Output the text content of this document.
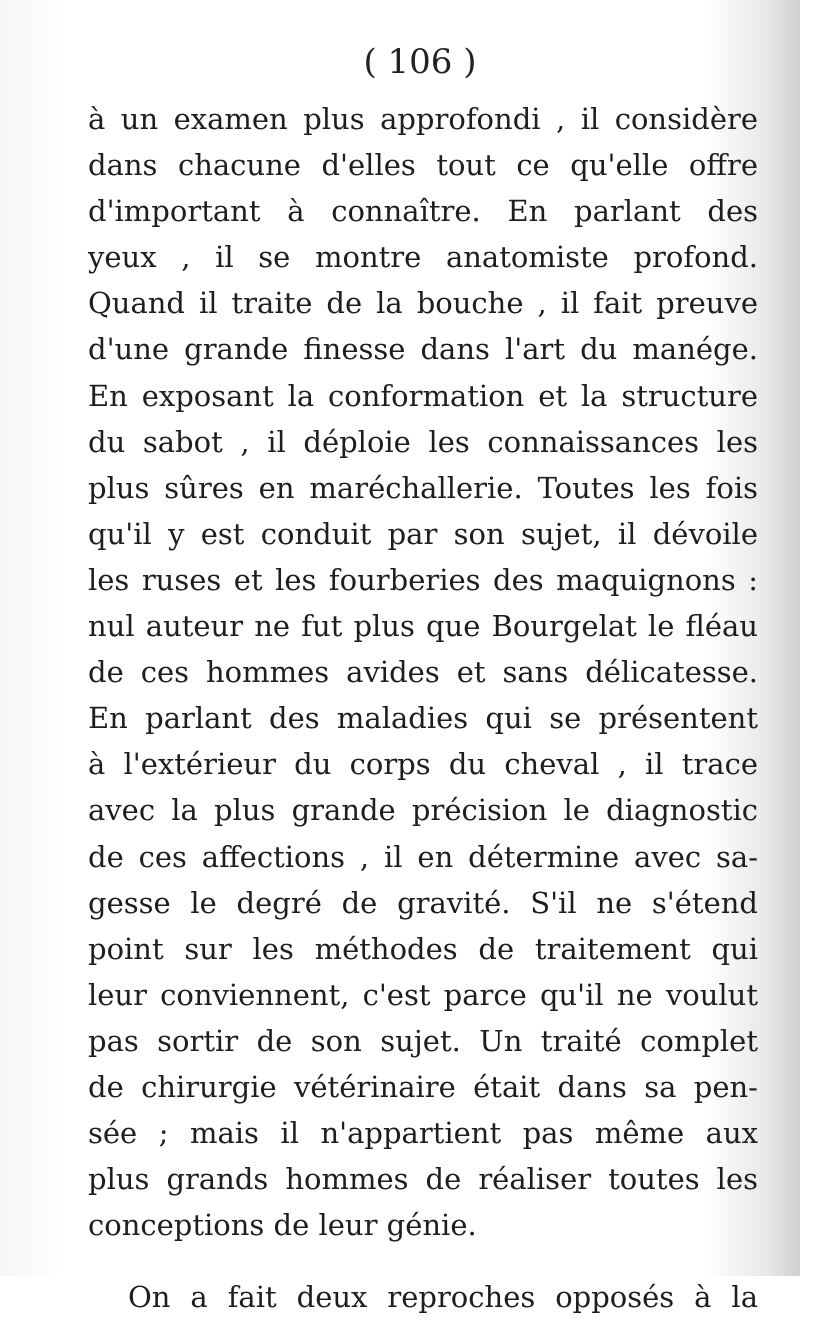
( 106 )
à un examen plus approfondi , il considère
dans chacune d'elles tout ce qu'elle offre
d'important à connaître. En parlant des
yeux , il se montre anatomiste profond.
Quand il traite de la bouche , il fait preuve
d'une grande finesse dans l'art du manége.
En exposant la conformation et la structure
du sabot , il déploie les connaissances les
plus sûres en maréchallerie. Toutes les fois
qu'il y est conduit par son sujet, il dévoile
les ruses et les fourberies des maquignons :
nul auteur ne fut plus que Bourgelat le fléau
de ces hommes avides et sans délicatesse.
En parlant des maladies qui se présentent
à l'extérieur du corps du cheval , il trace
avec la plus grande précision le diagnostic
de ces affections , il en détermine avec sa-
gesse le degré de gravité. S'il ne s'étend
point sur les méthodes de traitement qui
leur conviennent, c'est parce qu'il ne voulut
pas sortir de son sujet. Un traité complet
de chirurgie vétérinaire était dans sa pen-
sée ; mais il n'appartient pas même aux
plus grands hommes de réaliser toutes les
conceptions de leur génie.
On a fait deux reproches opposés à la
